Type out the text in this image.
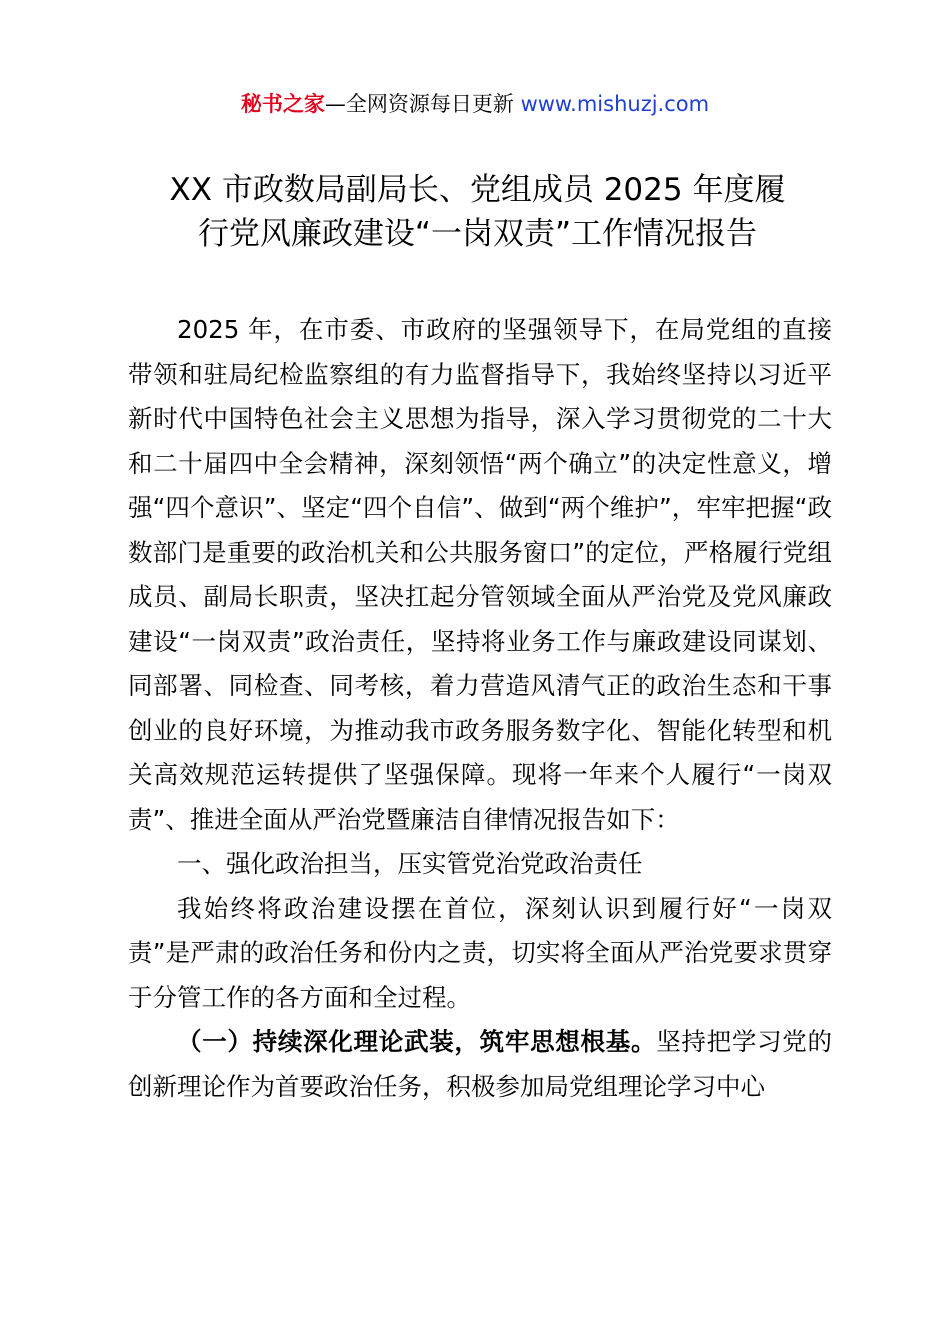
秘书之家—全网资源每日更新 www.mishuzj.com
XX 市政数局副局长、党组成员 2025 年度履
行党风廉政建设“一岗双责”工作情况报告

2025 年，在市委、市政府的坚强领导下，在局党组的直接带领和驻局纪检监察组的有力监督指导下，我始终坚持以习近平新时代中国特色社会主义思想为指导，深入学习贯彻党的二十大和二十届四中全会精神，深刻领悟“两个确立”的决定性意义，增强“四个意识”、坚定“四个自信”、做到“两个维护”，牢牢把握“政数部门是重要的政治机关和公共服务窗口”的定位，严格履行党组成员、副局长职责，坚决扛起分管领域全面从严治党及党风廉政建设“一岗双责”政治责任，坚持将业务工作与廉政建设同谋划、同部署、同检查、同考核，着力营造风清气正的政治生态和干事创业的良好环境，为推动我市政务服务数字化、智能化转型和机关高效规范运转提供了坚强保障。现将一年来个人履行“一岗双责”、推进全面从严治党暨廉洁自律情况报告如下：

一、强化政治担当，压实管党治党政治责任

我始终将政治建设摆在首位，深刻认识到履行好“一岗双责”是严肃的政治任务和份内之责，切实将全面从严治党要求贯穿于分管工作的各方面和全过程。

（一）持续深化理论武装，筑牢思想根基。坚持把学习党的创新理论作为首要政治任务，积极参加局党组理论学习中心
